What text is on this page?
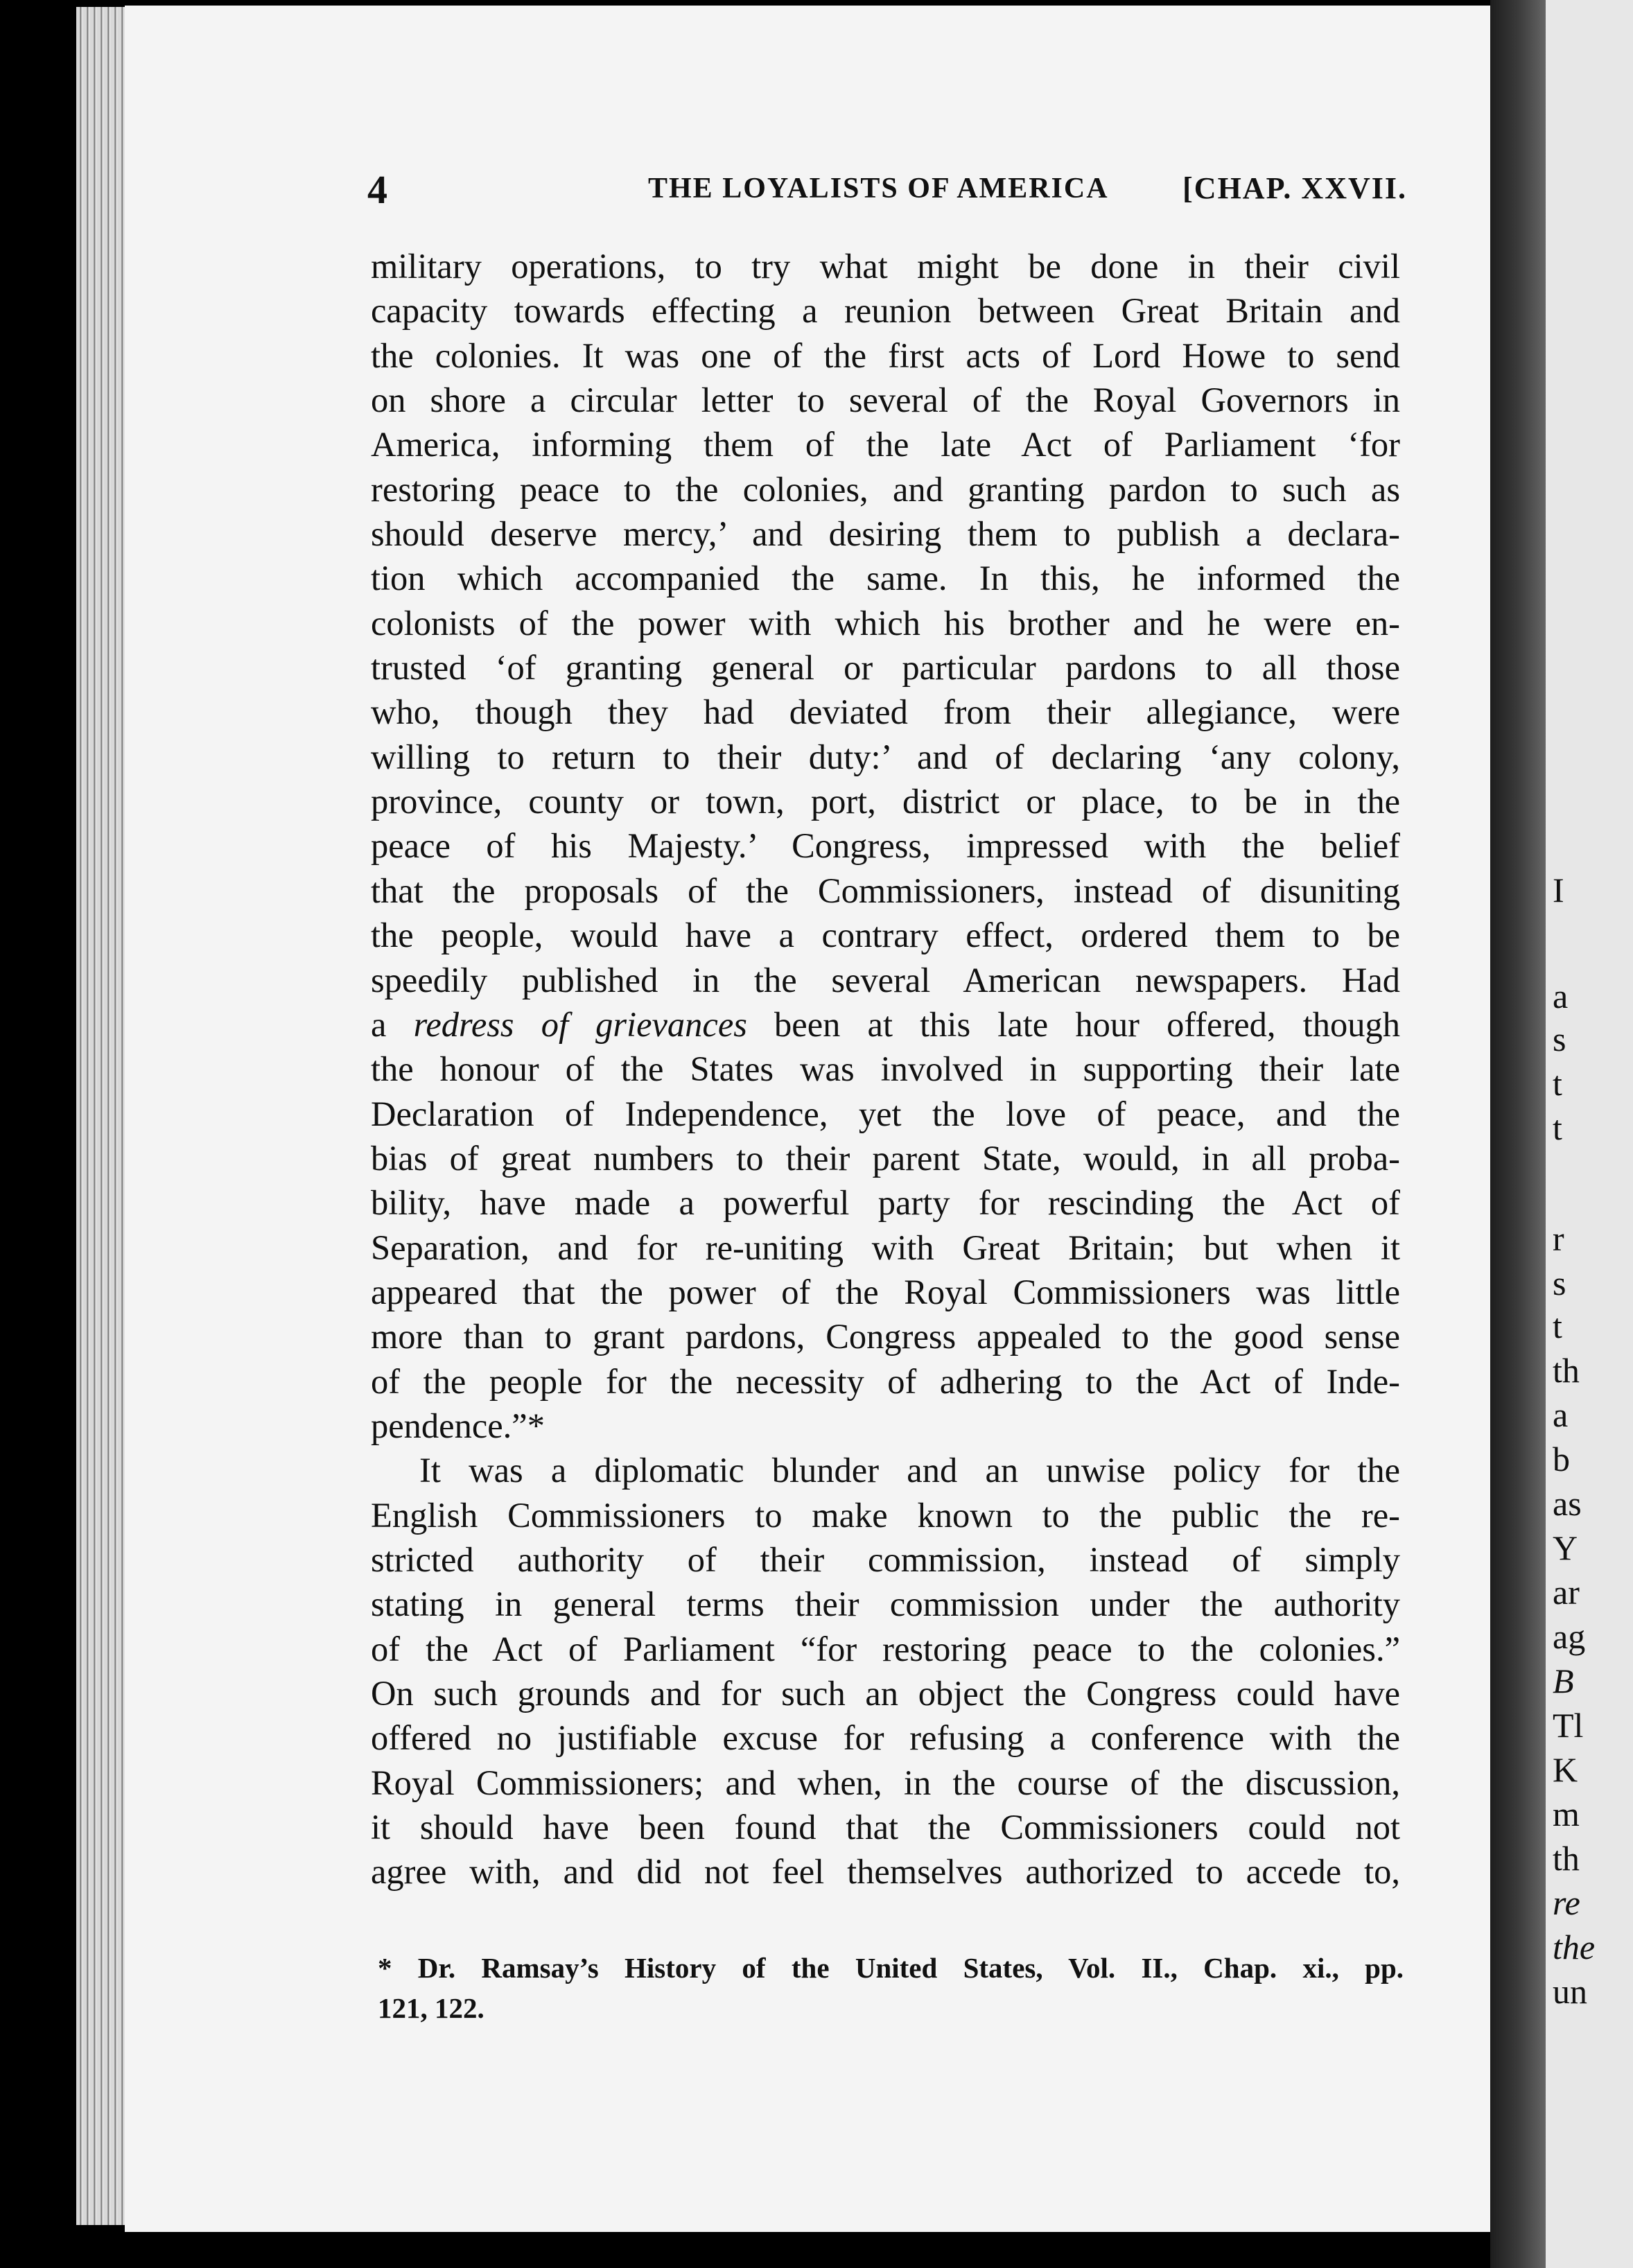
I
a
s
t
t
r
s
t
th
a
b
as
Y
ar
ag
B
Tl
K
m
th
re
the
un
4	THE LOYALISTS OF AMERICA [CHAP. XXVII.
military operations, to try what might be done in their civil
capacity towards effecting a reunion between Great Britain and
the colonies. It was one of the first acts of Lord Howe to send
on shore a circular letter to several of the Royal Governors in
America, informing them of the late Act of Parliament ‘for
restoring peace to the colonies, and granting pardon to such as
should deserve mercy,’ and desiring them to publish a declara-
tion which accompanied the same. In this, he informed the
colonists of the power with which his brother and he were en-
trusted ‘of granting general or particular pardons to all those
who, though they had deviated from their allegiance, were
willing to return to their duty:’ and of declaring ‘any colony,
province, county or town, port, district or place, to be in the
peace of his Majesty.’ Congress, impressed with the belief
that the proposals of the Commissioners, instead of disuniting
the people, would have a contrary effect, ordered them to be
speedily published in the several American newspapers. Had
a redress of grievances been at this late hour offered, though
the honour of the States was involved in supporting their late
Declaration of Independence, yet the love of peace, and the
bias of great numbers to their parent State, would, in all proba-
bility, have made a powerful party for rescinding the Act of
Separation, and for re-uniting with Great Britain; but when it
appeared that the power of the Royal Commissioners was little
more than to grant pardons, Congress appealed to the good sense
of the people for the necessity of adhering to the Act of Inde-
pendence.”*
It was a diplomatic blunder and an unwise policy for the
English Commissioners to make known to the public the re-
stricted authority of their commission, instead of simply
stating in general terms their commission under the authority
of the Act of Parliament “for restoring peace to the colonies.”
On such grounds and for such an object the Congress could have
offered no justifiable excuse for refusing a conference with the
Royal Commissioners; and when, in the course of the discussion,
it should have been found that the Commissioners could not
agree with, and did not feel themselves authorized to accede to,
* Dr. Ramsay’s History of the United States, Vol. II., Chap. xi., pp.
121, 122.
